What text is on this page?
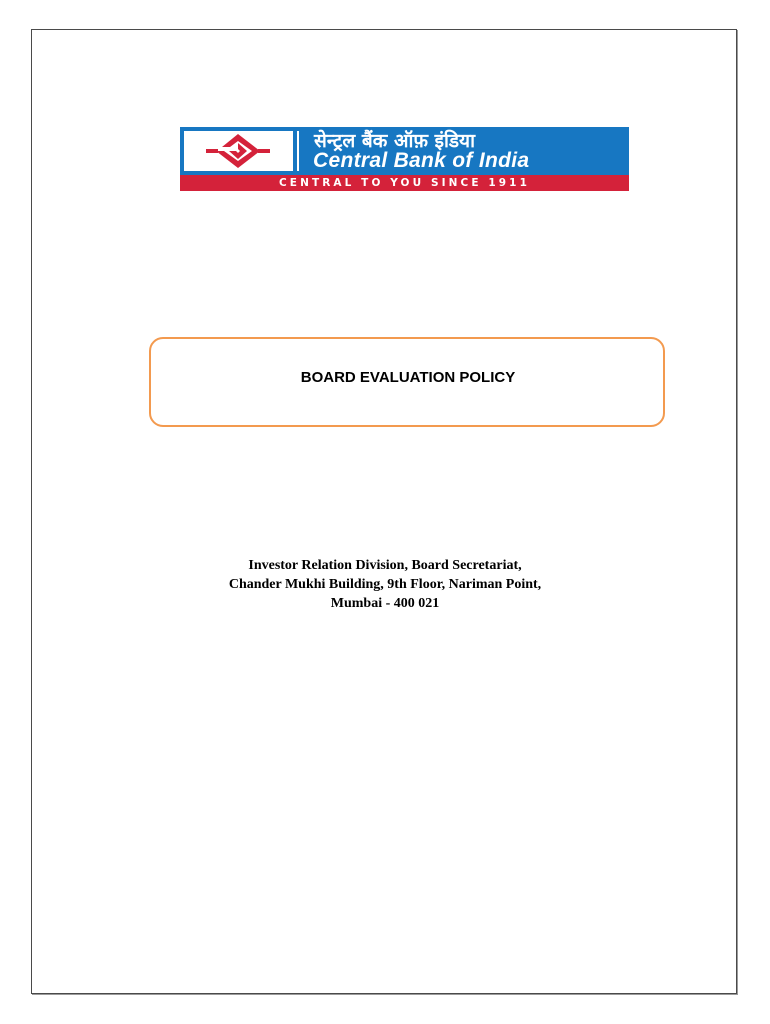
सेन्ट्रल बैंक ऑफ़ इंडिया
Central Bank of India
CENTRAL TO YOU SINCE 1911
BOARD EVALUATION POLICY
Investor Relation Division, Board Secretariat,
Chander Mukhi Building, 9th Floor, Nariman Point,
Mumbai - 400 021
